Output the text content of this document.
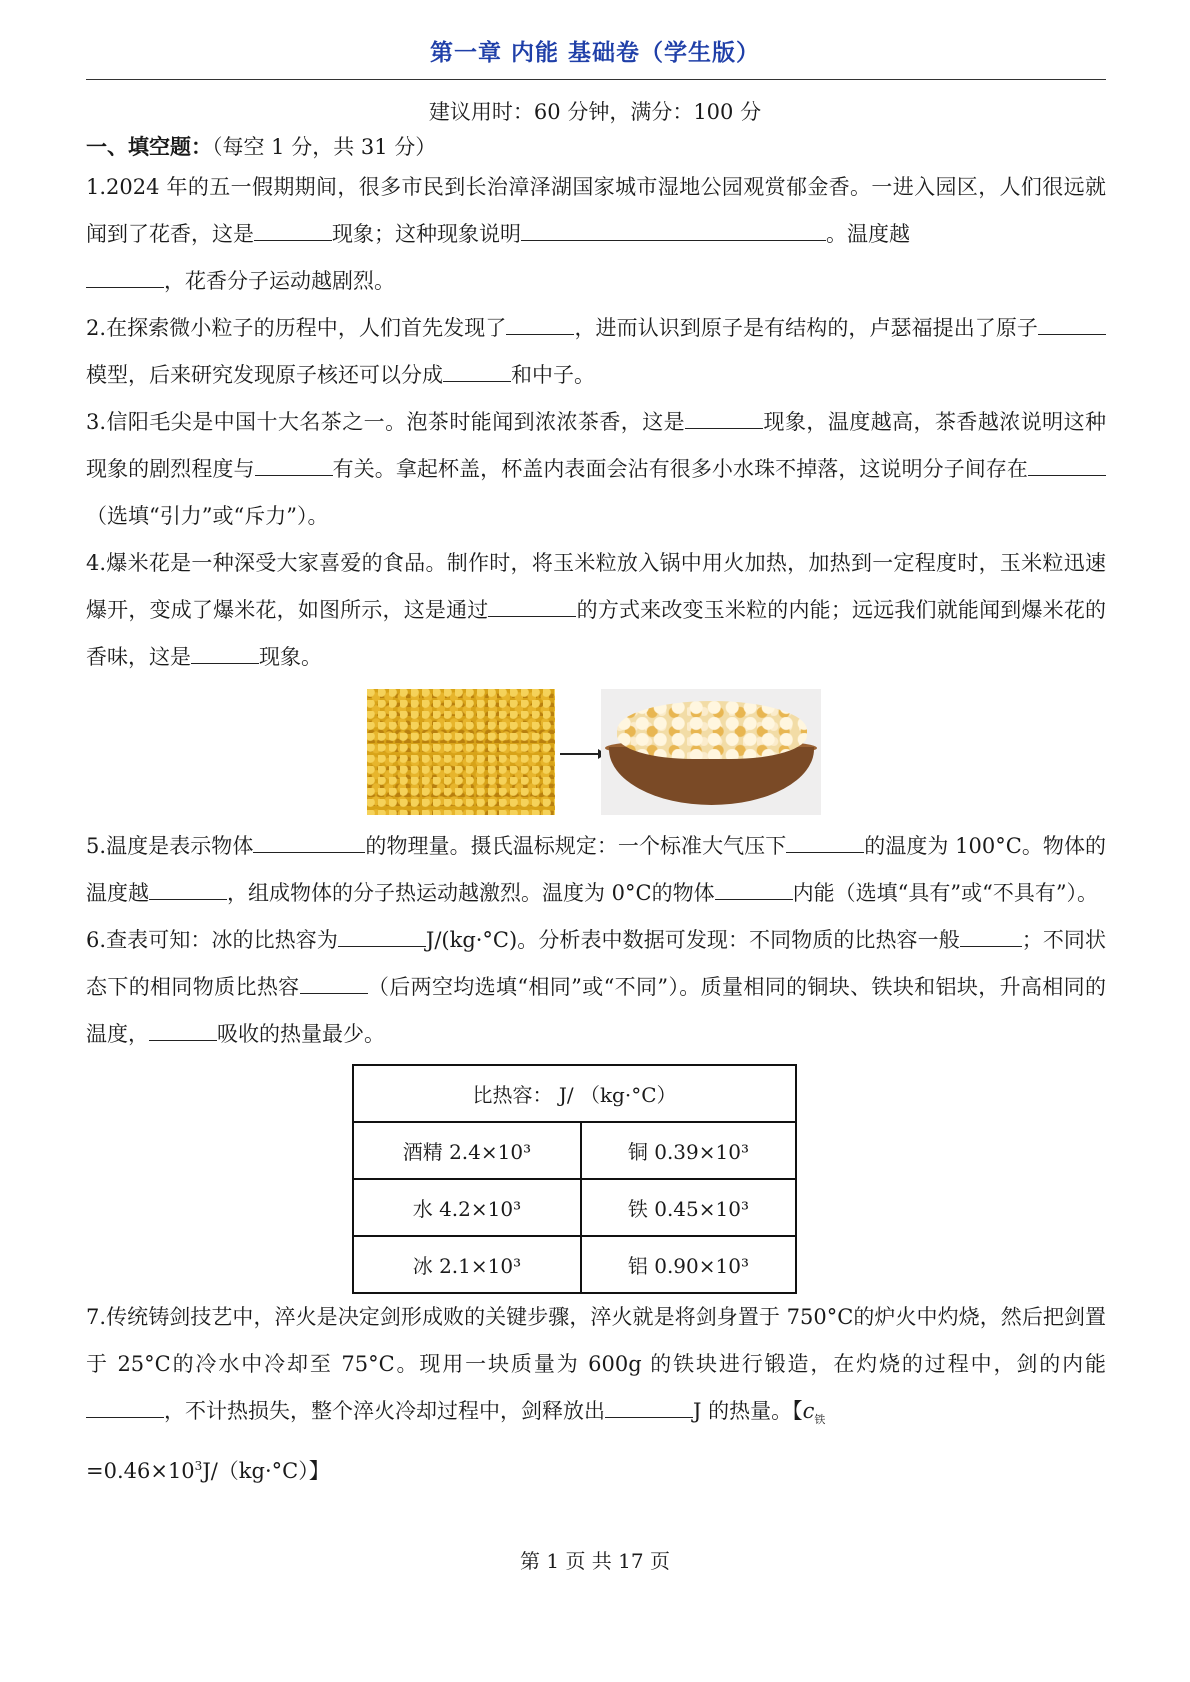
第一章 内能 基础卷（学生版）
建议用时：60 分钟，满分：100 分
一、填空题：（每空 1 分，共 31 分）

1.2024 年的五一假期期间，很多市民到长治漳泽湖国家城市湿地公园观赏郁金香。一进入园区，人们很远就闻到了花香，这是	现象；这种现象说明	。温度越
，花香分子运动越剧烈。

2.在探索微小粒子的历程中，人们首先发现了	，进而认识到原子是有结构的，卢瑟福提出了原子模型，后来研究发现原子核还可以分成	和中子。

3.信阳毛尖是中国十大名茶之一。泡茶时能闻到浓浓茶香，这是	现象，温度越高，茶香越浓说明这种现象的剧烈程度与	有关。拿起杯盖，杯盖内表面会沾有很多小水珠不掉落，这说明分子间存在（选填“引力”或“斥力”）。

4.爆米花是一种深受大家喜爱的食品。制作时，将玉米粒放入锅中用火加热，加热到一定程度时，玉米粒迅速爆开，变成了爆米花，如图所示，这是通过	的方式来改变玉米粒的内能；远远我们就能闻到爆米花的香味，这是	现象。

5.温度是表示物体	的物理量。摄氏温标规定：一个标准大气压下	的温度为 100°C。物体的温度越	，组成物体的分子热运动越激烈。温度为 0°C的物体	内能（选填“具有”或“不具有”）。

6.查表可知：冰的比热容为	J/(kg·°C)。分析表中数据可发现：不同物质的比热容一般	；不同状态下的相同物质比热容	（后两空均选填“相同”或“不同”）。质量相同的铜块、铁块和铝块，升高相同的温度，	吸收的热量最少。

比热容： J/ （kg·°C）	
酒精 2.4×10³	铜 0.39×10³
水 4.2×10³	铁 0.45×10³
冰 2.1×10³	铝 0.90×10³

7.传统铸剑技艺中，淬火是决定剑形成败的关键步骤，淬火就是将剑身置于 750°C的炉火中灼烧，然后把剑置于 25°C的冷水中冷却至 75°C。现用一块质量为 600g 的铁块进行锻造，在灼烧的过程中，剑的内能，不计热损失，整个淬火冷却过程中，剑释放出	J 的热量。【$c_铁$
$=0.46\times 10^3J/(kg\cdot^\circ C)$】

第 1 页 共 17 页
